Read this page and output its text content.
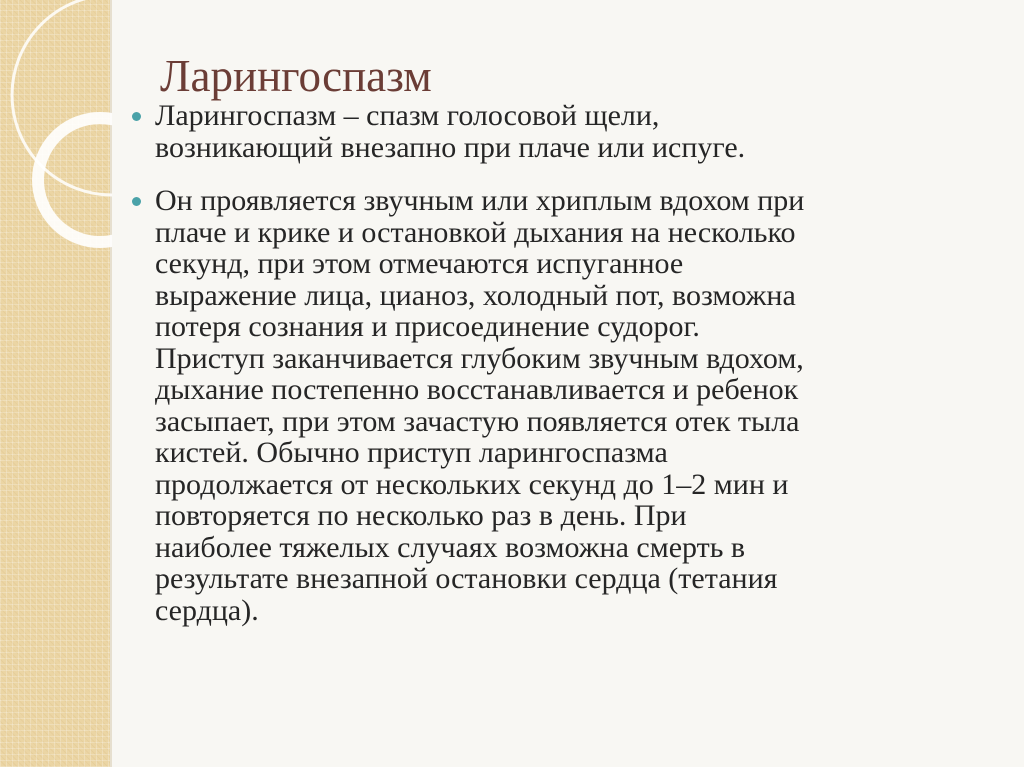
Ларингоспазм
Ларингоспазм – спазм голосовой щели,
возникающий внезапно при плаче или испуге.
Он проявляется звучным или хриплым вдохом при
плаче и крике и остановкой дыхания на несколько
секунд, при этом отмечаются испуганное
выражение лица, цианоз, холодный пот, возможна
потеря сознания и присоединение судорог.
Приступ заканчивается глубоким звучным вдохом,
дыхание постепенно восстанавливается и ребенок
засыпает, при этом зачастую появляется отек тыла
кистей. Обычно приступ ларингоспазма
продолжается от нескольких секунд до 1–2 мин и
повторяется по несколько раз в день. При
наиболее тяжелых случаях возможна смерть в
результате внезапной остановки сердца (тетания
сердца).
